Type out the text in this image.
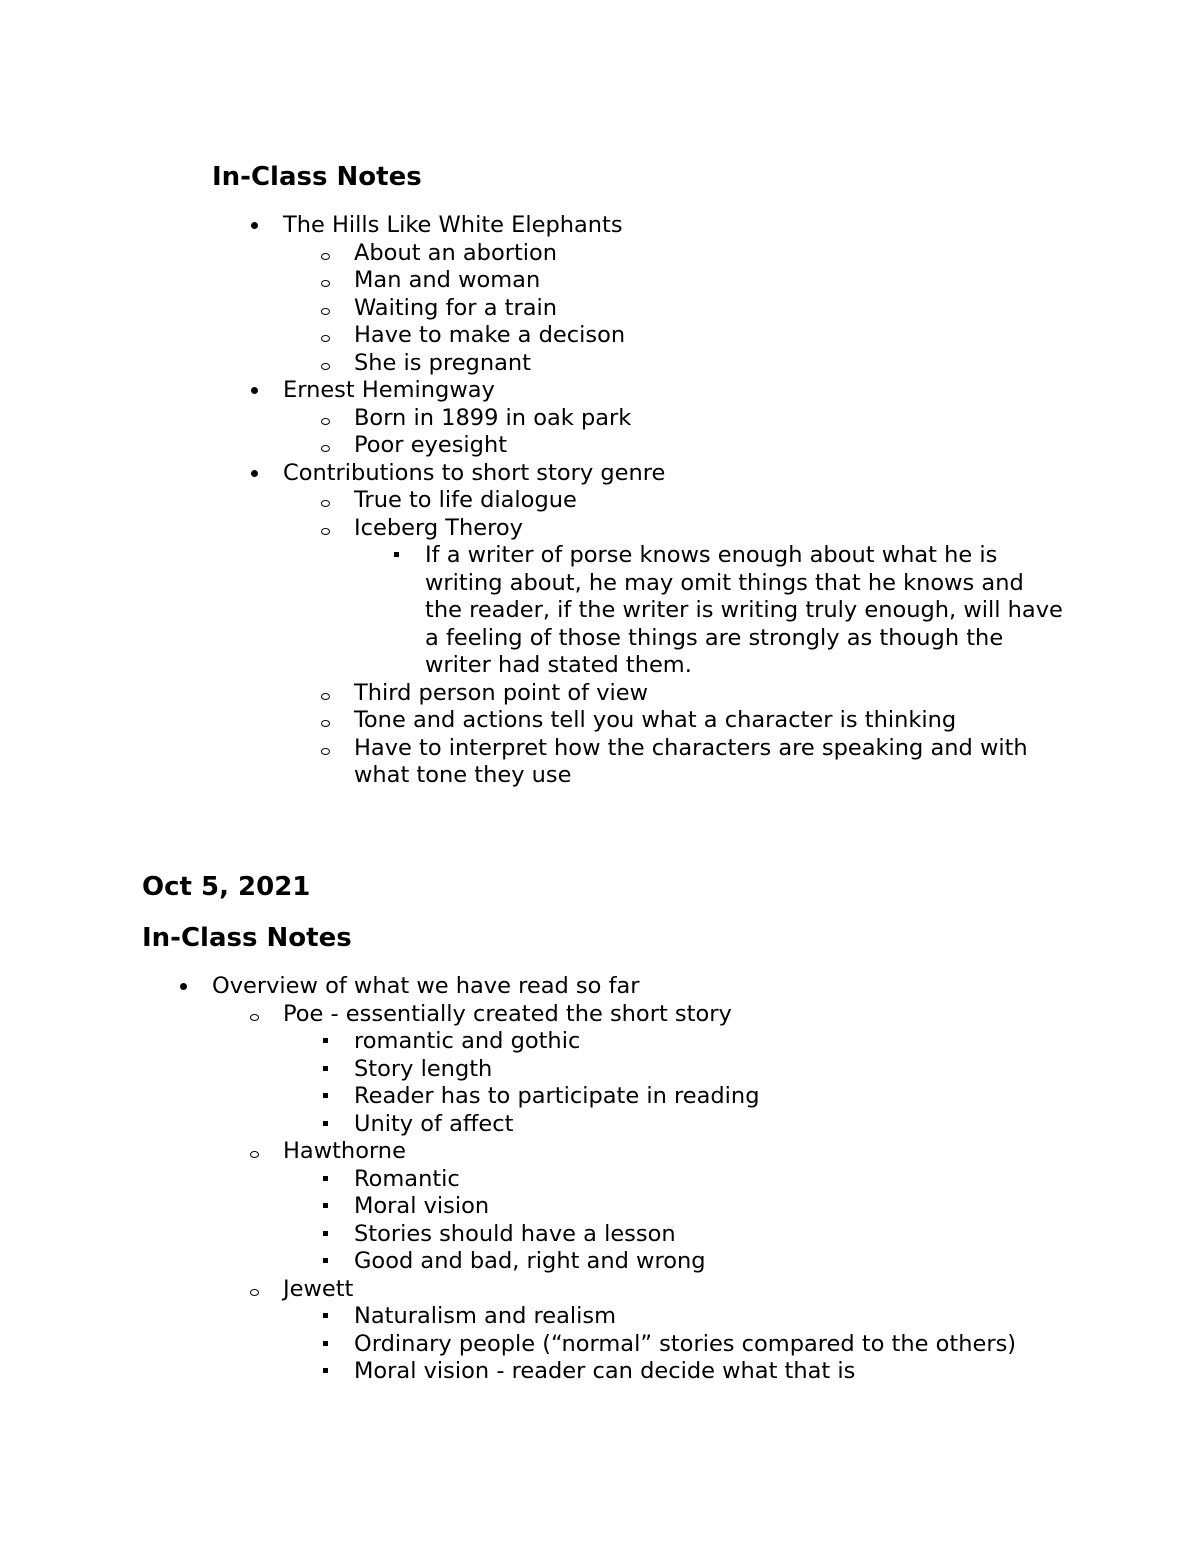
In-Class Notes
The Hills Like White Elephants
About an abortion
Man and woman
Waiting for a train
Have to make a decison
She is pregnant
Ernest Hemingway
Born in 1899 in oak park
Poor eyesight
Contributions to short story genre
True to life dialogue
Iceberg Theroy
If a writer of porse knows enough about what he is writing about, he may omit things that he knows and the reader, if the writer is writing truly enough, will have a feeling of those things are strongly as though the writer had stated them.
Third person point of view
Tone and actions tell you what a character is thinking
Have to interpret how the characters are speaking and with what tone they use
Oct 5, 2021
In-Class Notes
Overview of what we have read so far
Poe - essentially created the short story
romantic and gothic
Story length
Reader has to participate in reading
Unity of affect
Hawthorne
Romantic
Moral vision
Stories should have a lesson
Good and bad, right and wrong
Jewett
Naturalism and realism
Ordinary people (“normal” stories compared to the others)
Moral vision - reader can decide what that is
